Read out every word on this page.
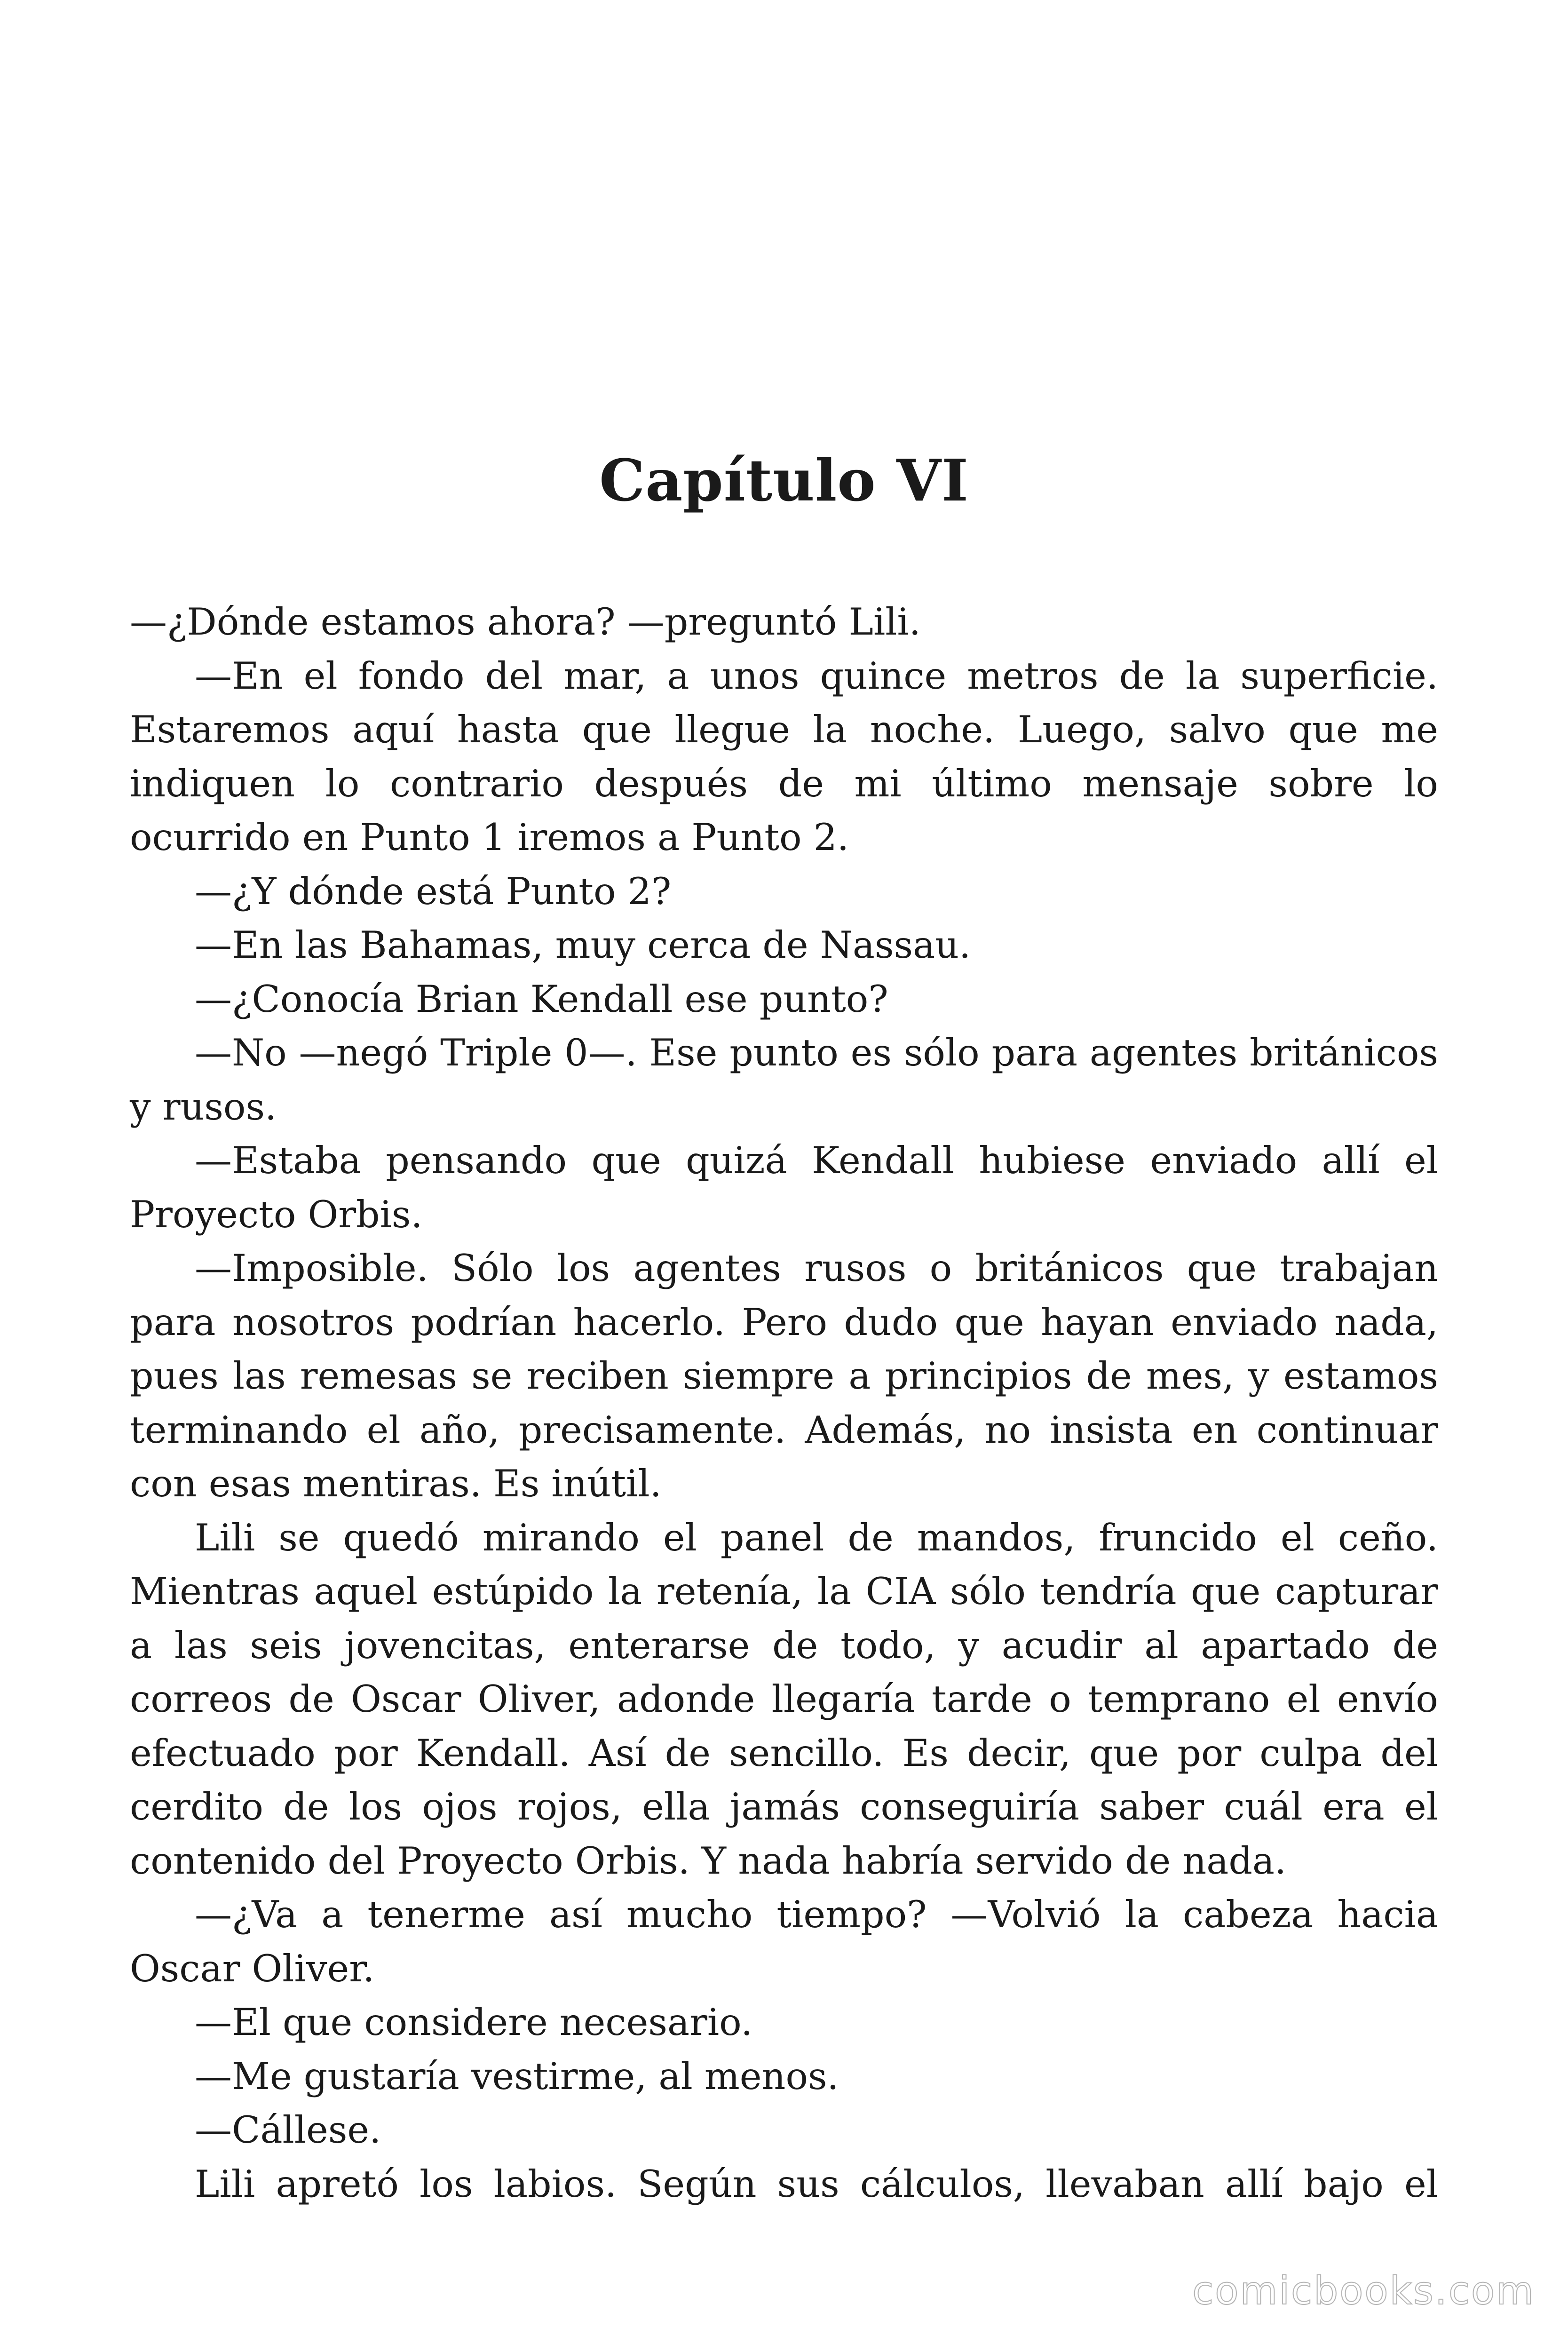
Capítulo VI

—¿Dónde estamos ahora? —preguntó Lili.

—En el fondo del mar, a unos quince metros de la superficie. Estaremos aquí hasta que llegue la noche. Luego, salvo que me indiquen lo contrario después de mi último mensaje sobre lo ocurrido en Punto 1 iremos a Punto 2.

—¿Y dónde está Punto 2?

—En las Bahamas, muy cerca de Nassau.

—¿Conocía Brian Kendall ese punto?

—No —negó Triple 0—. Ese punto es sólo para agentes británicos y rusos.

—Estaba pensando que quizá Kendall hubiese enviado allí el Proyecto Orbis.

—Imposible. Sólo los agentes rusos o británicos que trabajan para nosotros podrían hacerlo. Pero dudo que hayan enviado nada, pues las remesas se reciben siempre a principios de mes, y estamos terminando el año, precisamente. Además, no insista en continuar con esas mentiras. Es inútil.

Lili se quedó mirando el panel de mandos, fruncido el ceño. Mientras aquel estúpido la retenía, la CIA sólo tendría que capturar a las seis jovencitas, enterarse de todo, y acudir al apartado de correos de Oscar Oliver, adonde llegaría tarde o temprano el envío efectuado por Kendall. Así de sencillo. Es decir, que por culpa del cerdito de los ojos rojos, ella jamás conseguiría saber cuál era el contenido del Proyecto Orbis. Y nada habría servido de nada.

—¿Va a tenerme así mucho tiempo? —Volvió la cabeza hacia Oscar Oliver.

—El que considere necesario.

—Me gustaría vestirme, al menos.

—Cállese.

Lili apretó los labios. Según sus cálculos, llevaban allí bajo el

comicbooks.com
